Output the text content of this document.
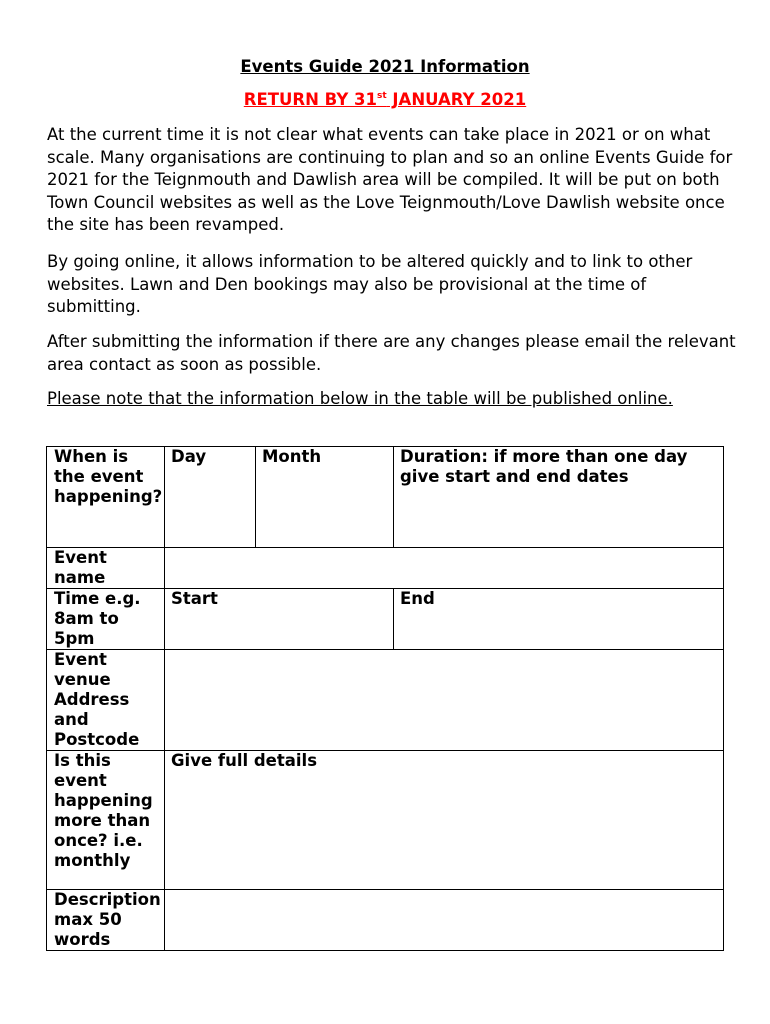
Events Guide 2021 Information
RETURN BY 31st JANUARY 2021

At the current time it is not clear what events can take place in 2021 or on what scale. Many organisations are continuing to plan and so an online Events Guide for 2021 for the Teignmouth and Dawlish area will be compiled. It will be put on both Town Council websites as well as the Love Teignmouth/Love Dawlish website once the site has been revamped.

By going online, it allows information to be altered quickly and to link to other websites. Lawn and Den bookings may also be provisional at the time of submitting.

After submitting the information if there are any changes please email the relevant area contact as soon as possible.

Please note that the information below in the table will be published online.

When is the event happening?	Day	Month	Duration: if more than one day give start and end dates
Event name			
Time e.g. 8am to 5pm	Start		End
Event venue Address and Postcode			
Is this event happening more than once? i.e. monthly	Give full details		
Description max 50 words			
